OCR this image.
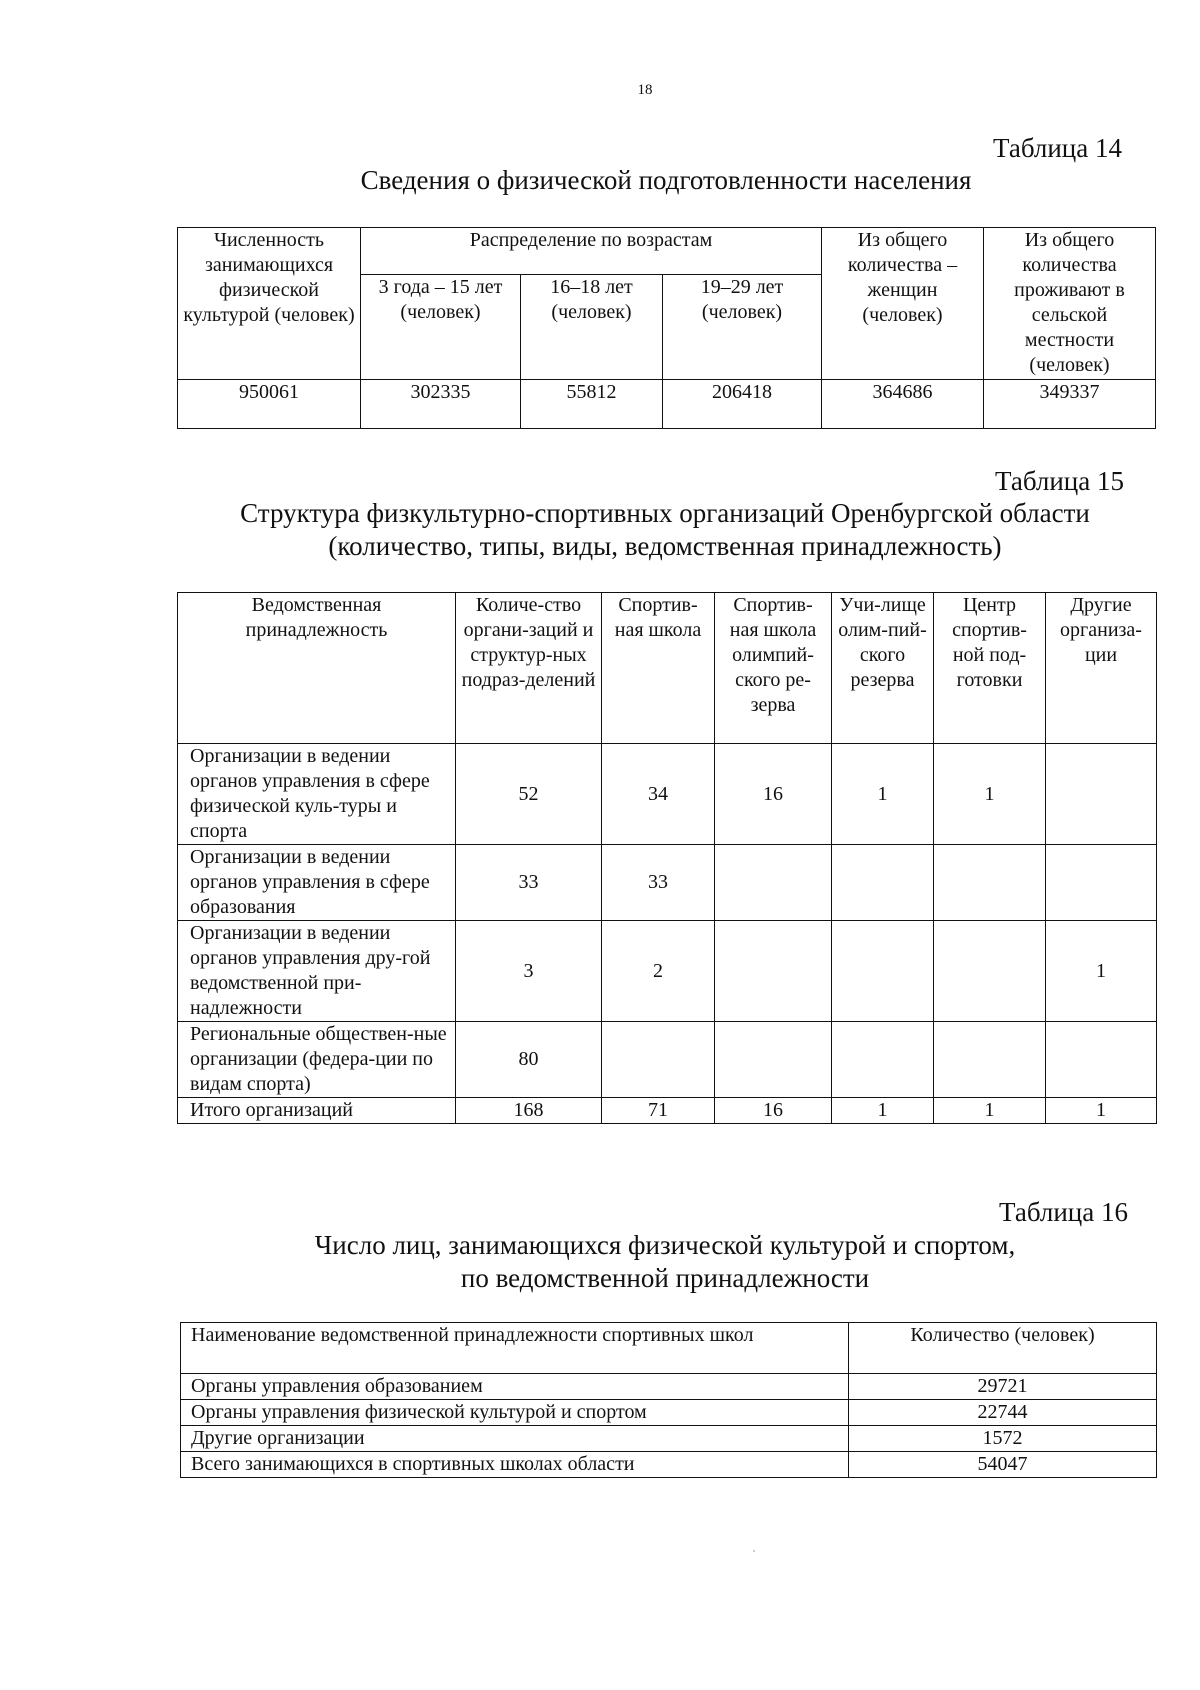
18
Таблица 14
Сведения о физической подготовленности населения
Численность занимающихся физической культурой (человек)	Распределение по возрастам			Из общего количества – женщин (человек)	Из общего количества проживают в сельской местности (человек)
	3 года – 15 лет (человек)	16–18 лет (человек)	19–29 лет (человек)		
950061	302335	55812	206418	364686	349337
Таблица 15
Структура физкультурно-спортивных организаций Оренбургской области
(количество, типы, виды, ведомственная принадлежность)
Ведомственная принадлежность	Количе-ство органи-заций и структур-ных подраз-делений	Спортив-ная школа	Спортив-ная школа олимпий-ского ре-зерва	Учи-лище олим-пий-ского резерва	Центр спортив-ной под-готовки	Другие организа-ции
Организации в ведении органов управления в сфере физической куль-туры и спорта	52	34	16	1	1	
Организации в ведении органов управления в сфере образования	33	33				
Организации в ведении органов управления дру-гой ведомственной при-надлежности	3	2				1
Региональные обществен-ные организации (федера-ции по видам спорта)	80					
Итого организаций	168	71	16	1	1	1
Таблица 16
Число лиц, занимающихся физической культурой и спортом,
по ведомственной принадлежности
Наименование ведомственной принадлежности спортивных школ	Количество (человек)
Органы управления образованием	29721
Органы управления физической культурой и спортом	22744
Другие организации	1572
Всего занимающихся в спортивных школах области	54047
